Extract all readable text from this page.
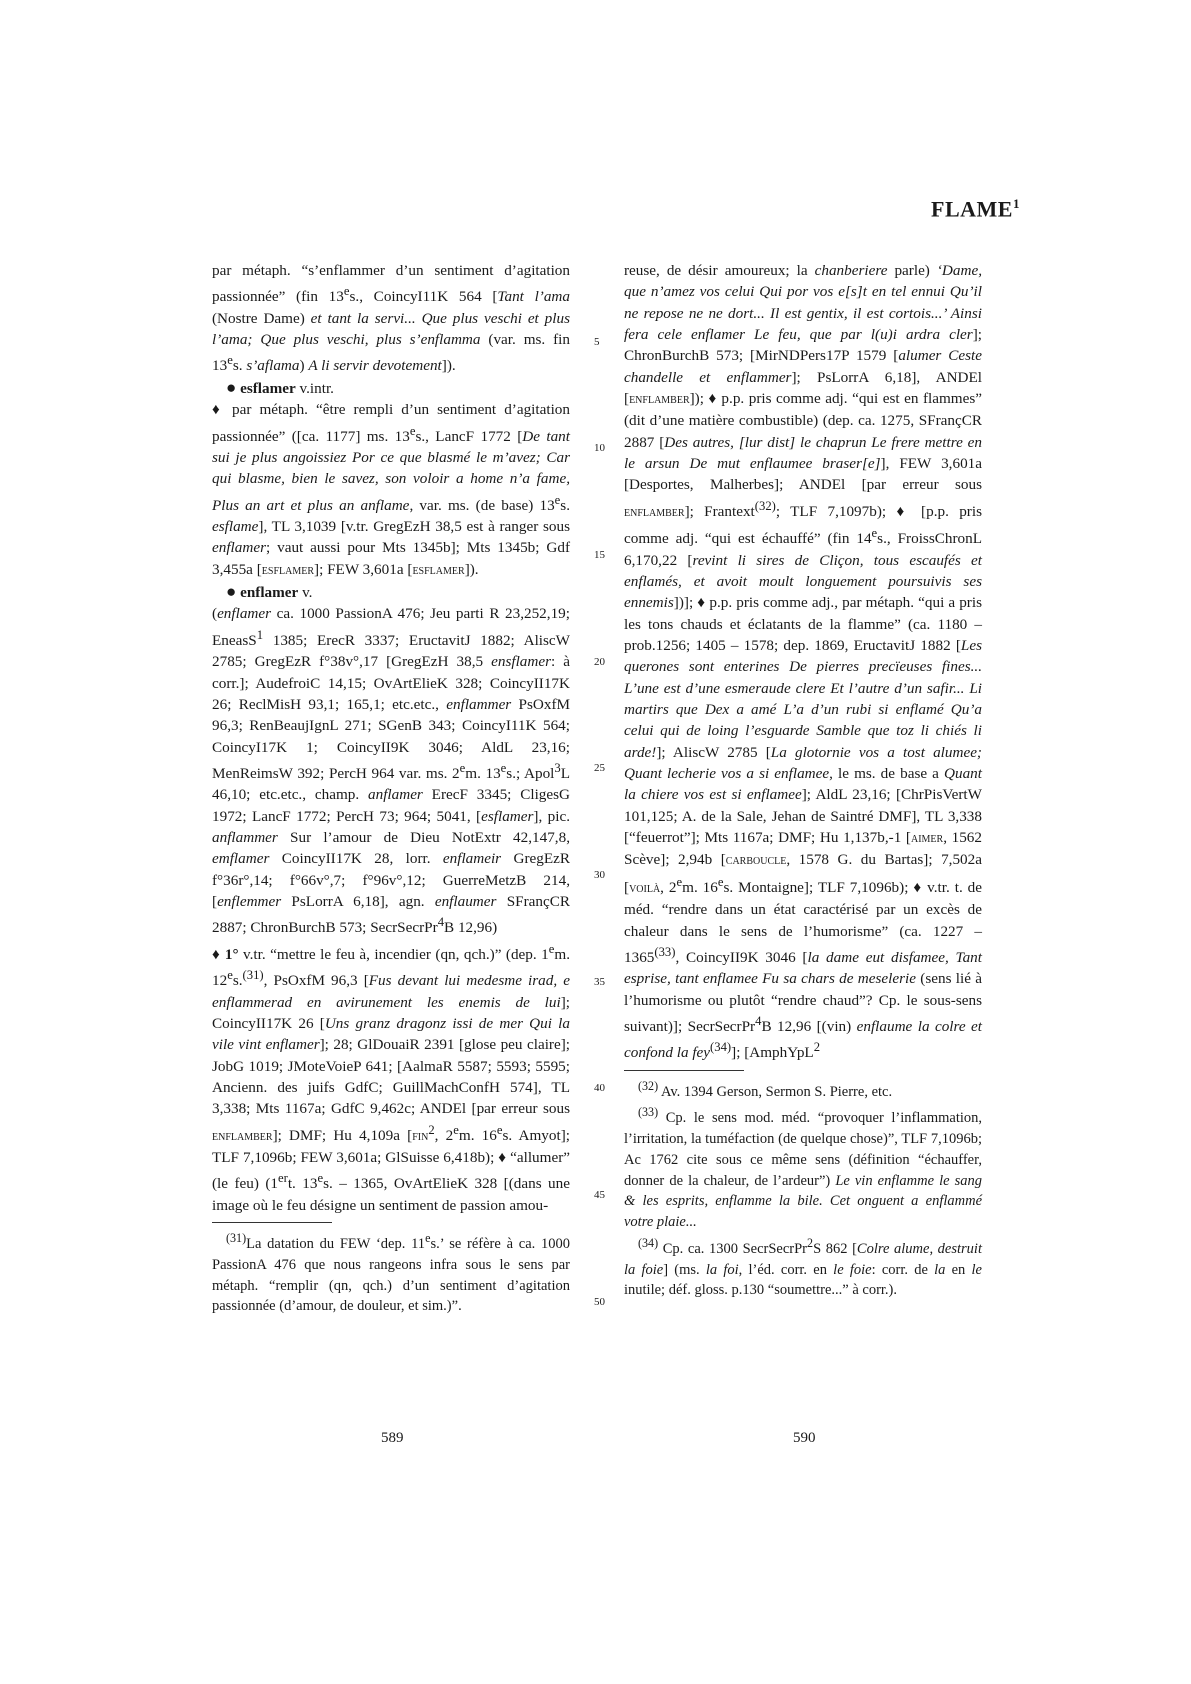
FLAME$^1$

par métaph. “s’enflammer d’un sentiment d’agitation passionnée” (fin 13es., CoincyI11K 564 [Tant l’ama (Nostre Dame) et tant la servi... Que plus veschi et plus l’ama; Que plus veschi, plus s’enflamma (var. ms. fin 13es. s’aflama) A li servir devotement]).

● esflamer v.intr.

♦ par métaph. “être rempli d’un sentiment d’agitation passionnée” ([ca. 1177] ms. 13es., LancF 1772 [De tant sui je plus angoissiez Por ce que blasmé le m’avez; Car qui blasme, bien le savez, son voloir a home n’a fame, Plus an art et plus an anflame, var. ms. (de base) 13es. esflame], TL 3,1039 [v.tr. GregEzH 38,5 est à ranger sous enflamer; vaut aussi pour Mts 1345b]; Mts 1345b; Gdf 3,455a [esflamer]; FEW 3,601a [esflamer]).

● enflamer v.

(enflamer ca. 1000 PassionA 476; Jeu parti R 23,252,19; EneasS$^1$ 1385; ErecR 3337; EructavitJ 1882; AliscW 2785; GregEzR f°38v°,17 [GregEzH 38,5 ensflamer: à corr.]; AudefroiC 14,15; OvArtElieK 328; CoincyII17K 26; ReclMisH 93,1; 165,1; etc.etc., enflammer PsOxfM 96,3; RenBeaujIgnL 271; SGenB 343; CoincyI11K 564; CoincyI17K 1; CoincyII9K 3046; AldL 23,16; MenReimsW 392; PercH 964 var. ms. 2em. 13es.; Apol$^3$L 46,10; etc.etc., champ. anflamer ErecF 3345; CligesG 1972; LancF 1772; PercH 73; 964; 5041, [esflamer], pic. anflammer Sur l’amour de Dieu NotExtr 42,147,8, emflamer CoincyII17K 28, lorr. enflameir GregEzR f°36r°,14; f°66v°,7; f°96v°,12; GuerreMetzB 214, [enflemmer PsLorrA 6,18], agn. enflaumer SFrançCR 2887; ChronBurchB 573; SecrSecrPr$^4$B 12,96)

♦ 1° v.tr. “mettre le feu à, incendier (qn, qch.)” (dep. 1em. 12es.$^{(31)}$, PsOxfM 96,3 [Fus devant lui medesme irad, e enflammerad en avirunement les enemis de lui]; CoincyII17K 26 [Uns granz dragonz issi de mer Qui la vile vint enflamer]; 28; GlDouaiR 2391 [glose peu claire]; JobG 1019; JMoteVoieP 641; [AalmaR 5587; 5593; 5595; Ancienn. des juifs GdfC; GuillMachConfH 574], TL 3,338; Mts 1167a; GdfC 9,462c; ANDEl [par erreur sous enflamber]; DMF; Hu 4,109a [fin$^2$, 2em. 16es. Amyot]; TLF 7,1096b; FEW 3,601a; GlSuisse 6,418b); ♦ “allumer” (le feu) (1ert. 13es. – 1365, OvArtElieK 328 [(dans une image où le feu désigne un sentiment de passion amou-

$^{(31)}$La datation du FEW ‘dep. 11es.’ se réfère à ca. 1000 PassionA 476 que nous rangeons infra sous le sens par métaph. “remplir (qn, qch.) d’un sentiment d’agitation passionnée (d’amour, de douleur, et sim.)”.

reuse, de désir amoureux; la chanberiere parle) ‘Dame, que n’amez vos celui Qui por vos e[s]t en tel ennui Qu’il ne repose ne ne dort... Il est gentix, il est cortois...’ Ainsi fera cele enflamer Le feu, que par l(u)i ardra cler]; ChronBurchB 573; [MirNDPers17P 1579 [alumer Ceste chandelle et enflammer]; PsLorrA 6,18], ANDEl [enflamber]); ♦ p.p. pris comme adj. “qui est en flammes” (dit d’une matière combustible) (dep. ca. 1275, SFrançCR 2887 [Des autres, [lur dist] le chaprun Le frere mettre en le arsun De mut enflaumee braser[e]], FEW 3,601a [Desportes, Malherbes]; ANDEl [par erreur sous enflamber]; Frantext$^{(32)}$; TLF 7,1097b); ♦ [p.p. pris comme adj. “qui est échauffé” (fin 14es., FroissChronL 6,170,22 [revint li sires de Cliçon, tous escaufés et enflamés, et avoit moult longuement poursuivis ses ennemis])]; ♦ p.p. pris comme adj., par métaph. “qui a pris les tons chauds et éclatants de la flamme” (ca. 1180 – prob.1256; 1405 – 1578; dep. 1869, EructavitJ 1882 [Les querones sont enterines De pierres precïeuses fines... L’une est d’une esmeraude clere Et l’autre d’un safir... Li martirs que Dex a amé L’a d’un rubi si enflamé Qu’a celui qui de loing l’esguarde Samble que toz li chiés li arde!]; AliscW 2785 [La glotornie vos a tost alumee; Quant lecherie vos a si enflamee, le ms. de base a Quant la chiere vos est si enflamee]; AldL 23,16; [ChrPisVertW 101,125; A. de la Sale, Jehan de Saintré DMF], TL 3,338 [“feuerrot”]; Mts 1167a; DMF; Hu 1,137b,-1 [aimer, 1562 Scève]; 2,94b [carboucle, 1578 G. du Bartas]; 7,502a [voilà, 2em. 16es. Montaigne]; TLF 7,1096b); ♦ v.tr. t. de méd. “rendre dans un état caractérisé par un excès de chaleur dans le sens de l’humorisme” (ca. 1227 – 1365$^{(33)}$, CoincyII9K 3046 [la dame eut disfamee, Tant esprise, tant enflamee Fu sa chars de meselerie (sens lié à l’humorisme ou plutôt “rendre chaud”? Cp. le sous-sens suivant)]; SecrSecrPr$^4$B 12,96 [(vin) enflaume la colre et confond la fey$^{(34)}$]; [AmphYpL$^2$

$^{(32)}$ Av. 1394 Gerson, Sermon S. Pierre, etc.

$^{(33)}$ Cp. le sens mod. méd. “provoquer l’inflammation, l’irritation, la tuméfaction (de quelque chose)”, TLF 7,1096b; Ac 1762 cite sous ce même sens (définition “échauffer, donner de la chaleur, de l’ardeur”) Le vin enflamme le sang & les esprits, enflamme la bile. Cet onguent a enflammé votre plaie...

$^{(34)}$ Cp. ca. 1300 SecrSecrPr$^2$S 862 [Colre alume, destruit la foie] (ms. la foi, l’éd. corr. en le foie: corr. de la en le inutile; déf. gloss. p.130 “soumettre...” à corr.).

5
10
15
20
25
30
35
40
45
50
589	590
